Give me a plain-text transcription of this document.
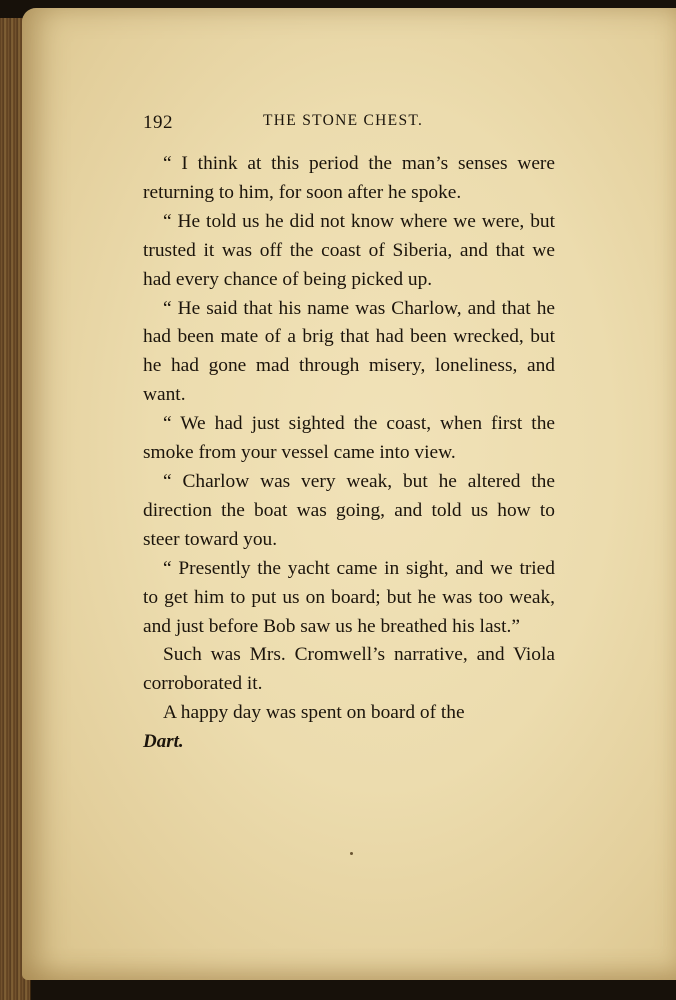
192	THE STONE CHEST.

“ I think at this period the man’s senses were returning to him, for soon after he spoke.

“ He told us he did not know where we were, but trusted it was off the coast of Siberia, and that we had every chance of being picked up.

“ He said that his name was Charlow, and that he had been mate of a brig that had been wrecked, but he had gone mad through misery, loneliness, and want.

“ We had just sighted the coast, when first the smoke from your vessel came into view.

“ Charlow was very weak, but he altered the direction the boat was going, and told us how to steer toward you.

“ Presently the yacht came in sight, and we tried to get him to put us on board; but he was too weak, and just before Bob saw us he breathed his last.”

Such was Mrs. Cromwell’s narrative, and Viola corroborated it.

A happy day was spent on board of the

Dart.
